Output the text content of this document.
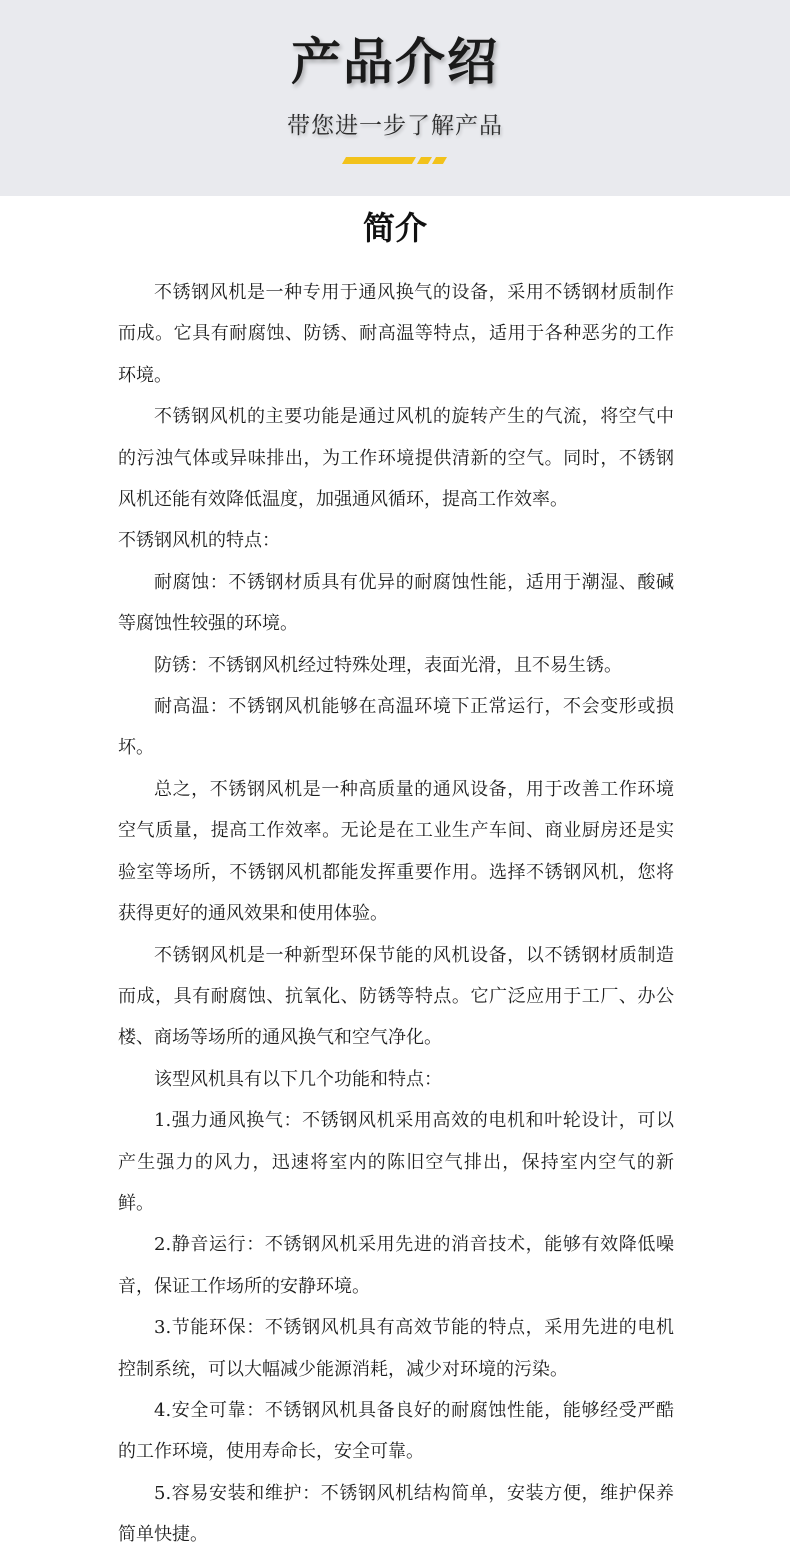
产品介绍
带您进一步了解产品
简介

不锈钢风机是一种专用于通风换气的设备，采用不锈钢材质制作而成。它具有耐腐蚀、防锈、耐高温等特点，适用于各种恶劣的工作环境。

不锈钢风机的主要功能是通过风机的旋转产生的气流，将空气中的污浊气体或异味排出，为工作环境提供清新的空气。同时，不锈钢风机还能有效降低温度，加强通风循环，提高工作效率。

不锈钢风机的特点：

耐腐蚀：不锈钢材质具有优异的耐腐蚀性能，适用于潮湿、酸碱等腐蚀性较强的环境。

防锈：不锈钢风机经过特殊处理，表面光滑，且不易生锈。

耐高温：不锈钢风机能够在高温环境下正常运行，不会变形或损坏。

总之，不锈钢风机是一种高质量的通风设备，用于改善工作环境空气质量，提高工作效率。无论是在工业生产车间、商业厨房还是实验室等场所，不锈钢风机都能发挥重要作用。选择不锈钢风机，您将获得更好的通风效果和使用体验。

不锈钢风机是一种新型环保节能的风机设备，以不锈钢材质制造而成，具有耐腐蚀、抗氧化、防锈等特点。它广泛应用于工厂、办公楼、商场等场所的通风换气和空气净化。

该型风机具有以下几个功能和特点：

1.强力通风换气：不锈钢风机采用高效的电机和叶轮设计，可以产生强力的风力，迅速将室内的陈旧空气排出，保持室内空气的新鲜。

2.静音运行：不锈钢风机采用先进的消音技术，能够有效降低噪音，保证工作场所的安静环境。

3.节能环保：不锈钢风机具有高效节能的特点，采用先进的电机控制系统，可以大幅减少能源消耗，减少对环境的污染。

4.安全可靠：不锈钢风机具备良好的耐腐蚀性能，能够经受严酷的工作环境，使用寿命长，安全可靠。

5.容易安装和维护：不锈钢风机结构简单，安装方便，维护保养简单快捷。
